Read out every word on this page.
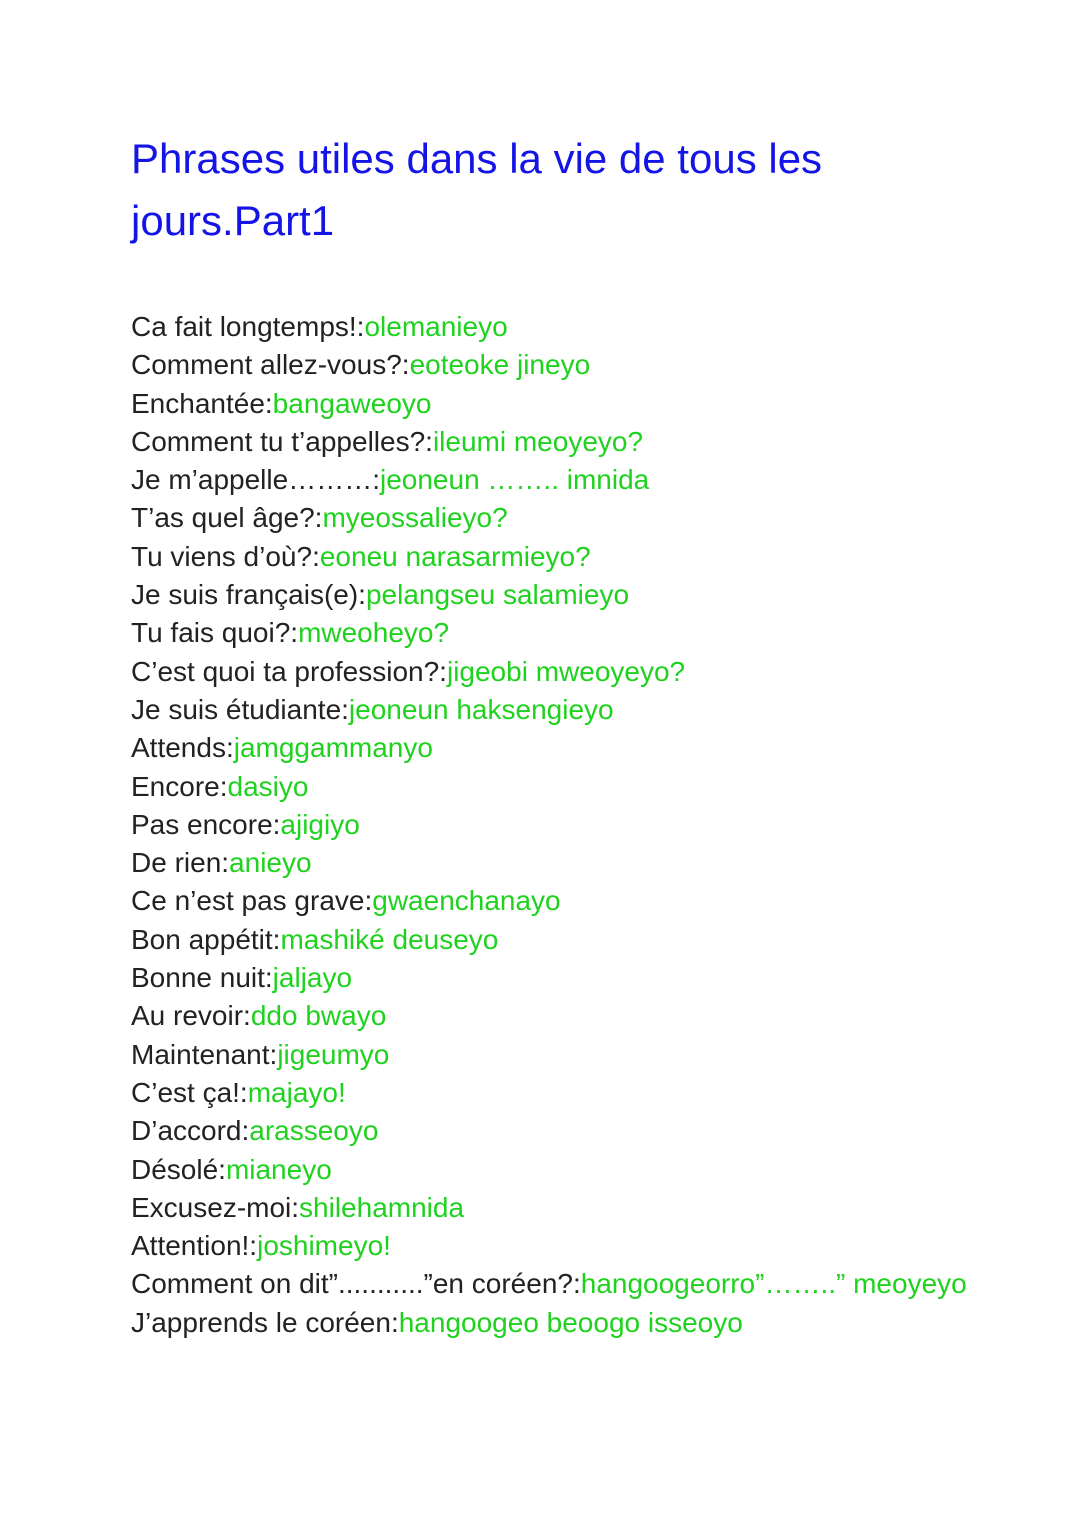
Phrases utiles dans la vie de tous les jours.Part1
Ca fait longtemps!:olemanieyo
Comment allez-vous?:eoteoke jineyo
Enchantée:bangaweoyo
Comment tu t’appelles?:ileumi meoyeyo?
Je m’appelle………:jeoneun …….. imnida
T’as quel âge?:myeossalieyo?
Tu viens d’où?:eoneu narasarmieyo?
Je suis français(e):pelangseu salamieyo
Tu fais quoi?:mweoheyo?
C’est quoi ta profession?:jigeobi mweoyeyo?
Je suis étudiante:jeoneun haksengieyo
Attends:jamggammanyo
Encore:dasiyo
Pas encore:ajigiyo
De rien:anieyo
Ce n’est pas grave:gwaenchanayo
Bon appétit:mashiké deuseyo
Bonne nuit:jaljayo
Au revoir:ddo bwayo
Maintenant:jigeumyo
C’est ça!:majayo!
D’accord:arasseoyo
Désolé:mianeyo
Excusez-moi:shilehamnida
Attention!:joshimeyo!
Comment on dit”...........”en coréen?:hangoogeorro”……..” meoyeyo
J’apprends le coréen:hangoogeo beoogo isseoyo
